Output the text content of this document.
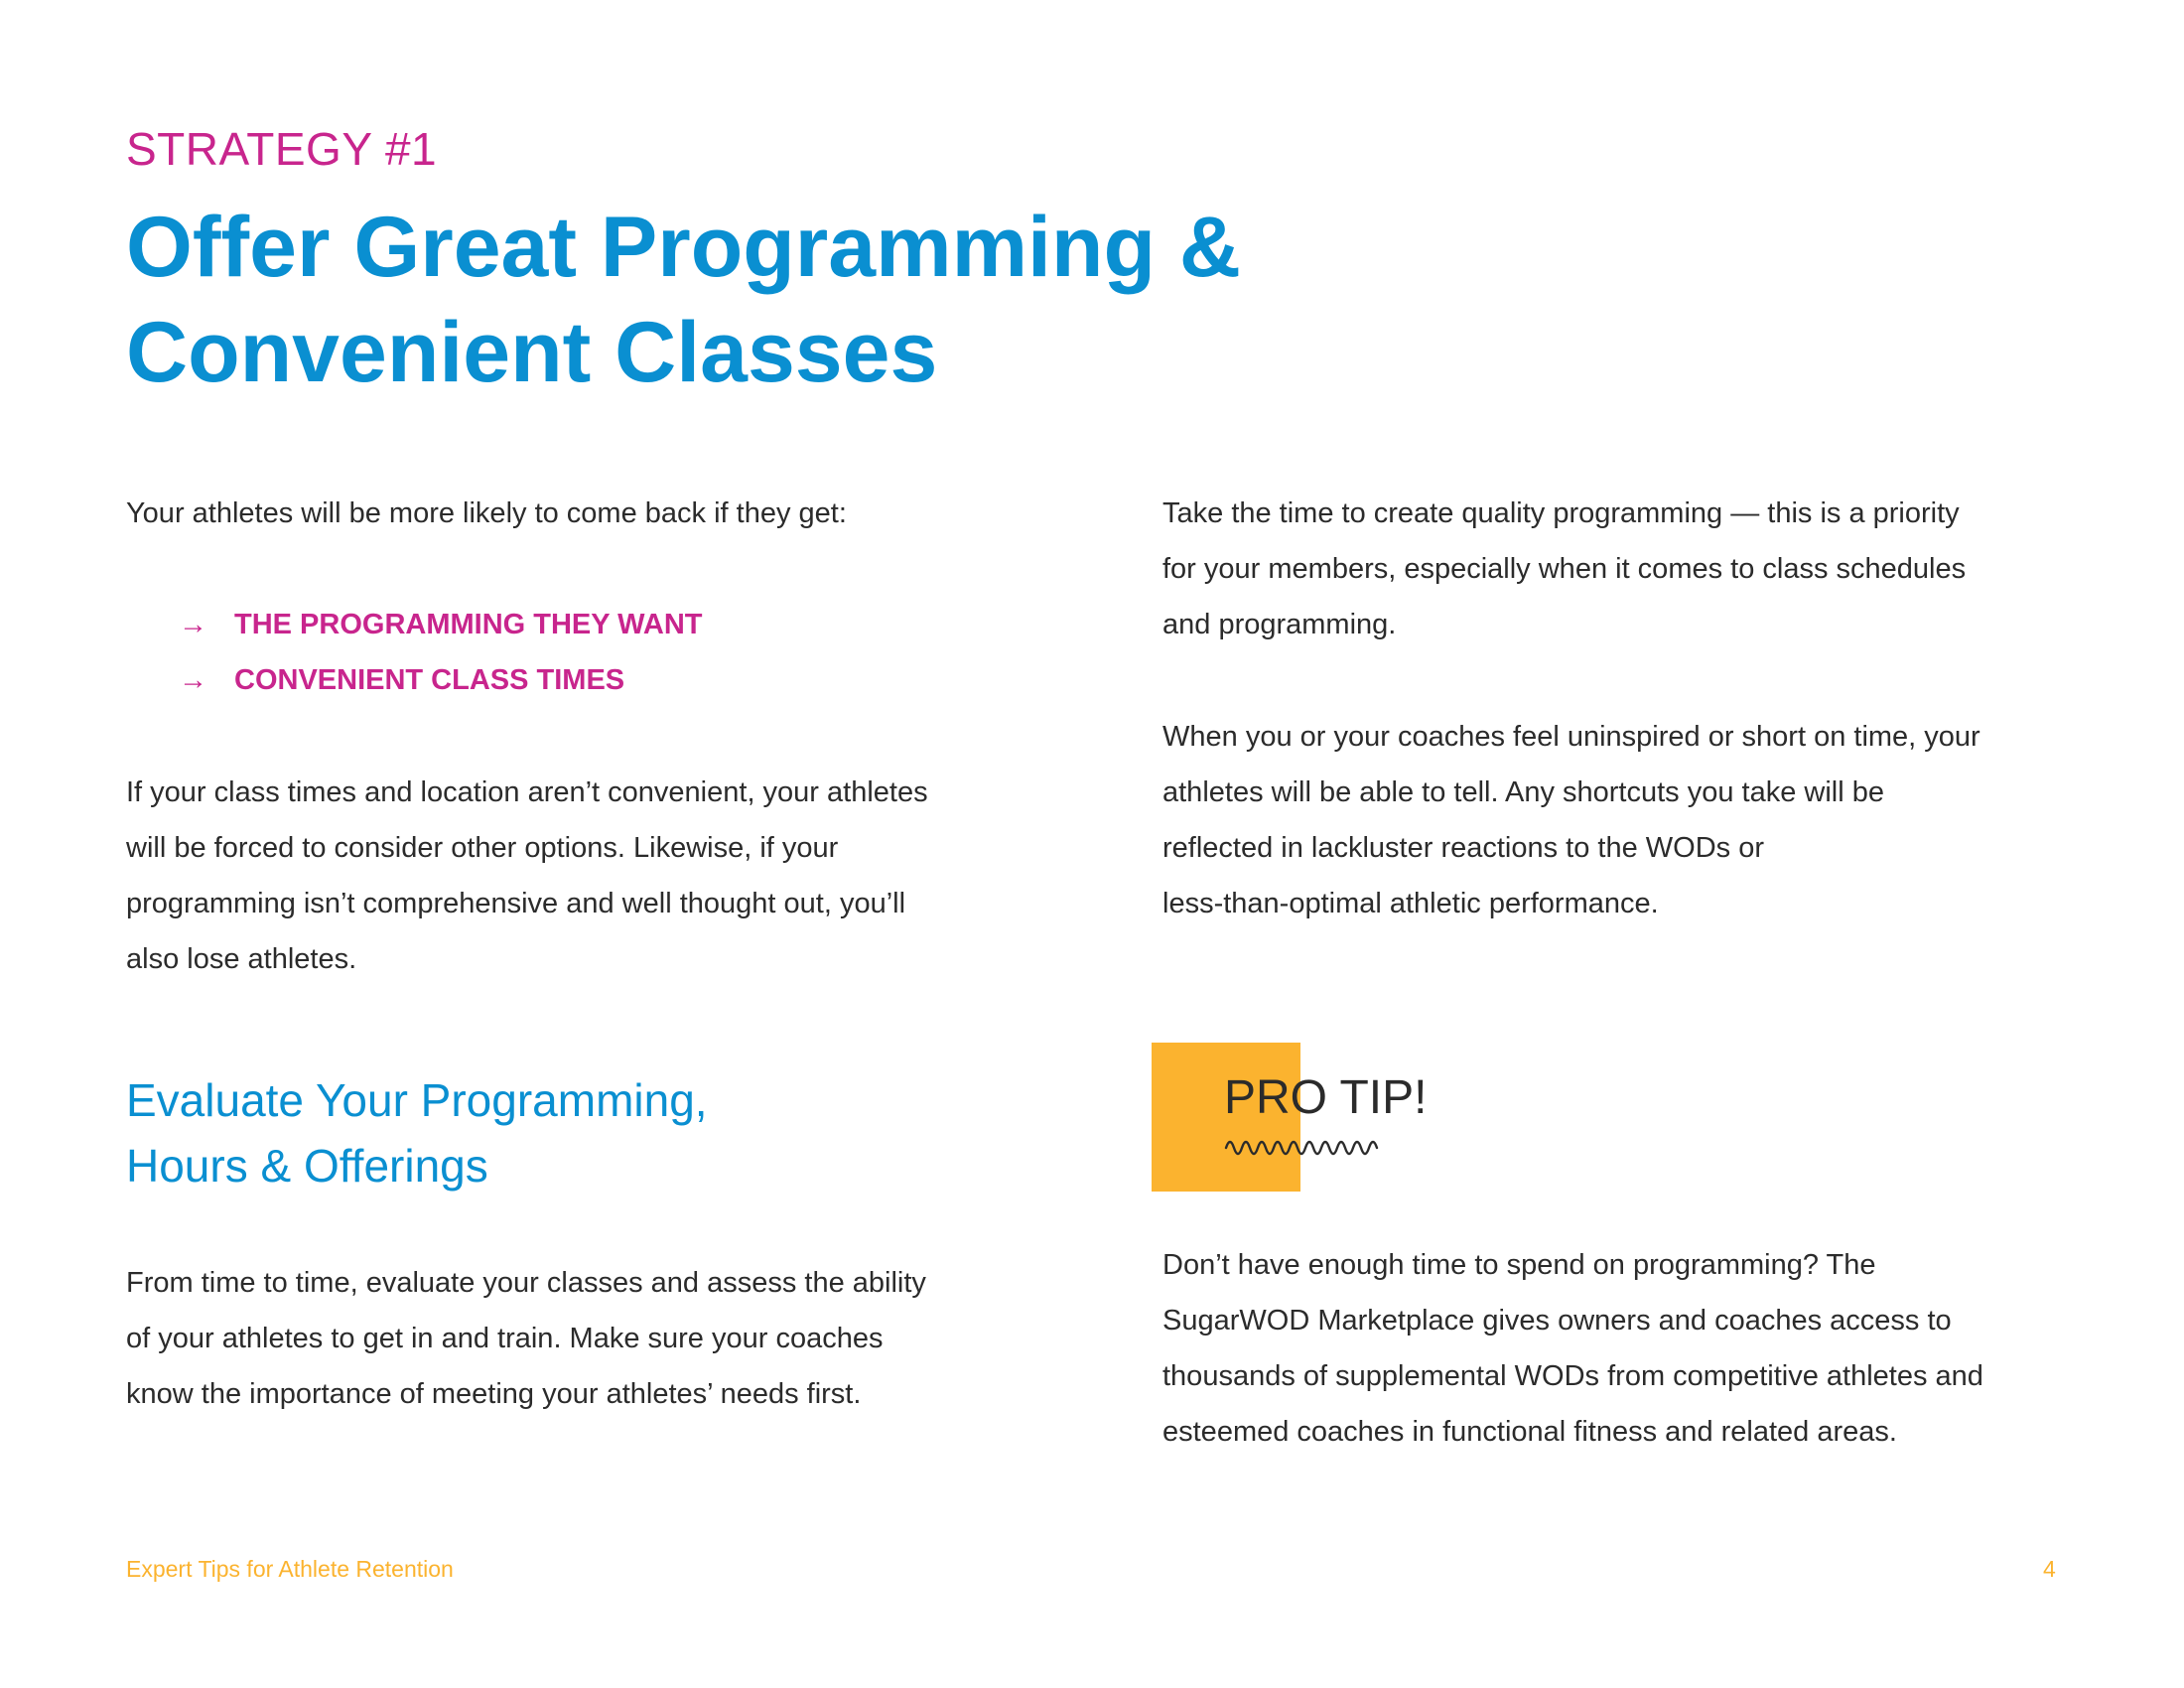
STRATEGY #1
Offer Great Programming &
Convenient Classes

Your athletes will be more likely to come back if they get:

→ THE PROGRAMMING THEY WANT
→ CONVENIENT CLASS TIMES

If your class times and location aren’t convenient, your athletes

will be forced to consider other options. Likewise, if your

programming isn’t comprehensive and well thought out, you’ll

also lose athletes.

Evaluate Your Programming,
Hours & Offerings

From time to time, evaluate your classes and assess the ability

of your athletes to get in and train. Make sure your coaches

know the importance of meeting your athletes’ needs first.

Take the time to create quality programming — this is a priority

for your members, especially when it comes to class schedules

and programming.

When you or your coaches feel uninspired or short on time, your

athletes will be able to tell. Any shortcuts you take will be

reflected in lackluster reactions to the WODs or

less-than-optimal athletic performance.

PRO TIP!

Don’t have enough time to spend on programming? The

SugarWOD Marketplace gives owners and coaches access to

thousands of supplemental WODs from competitive athletes and

esteemed coaches in functional fitness and related areas.

Expert Tips for Athlete Retention	4
